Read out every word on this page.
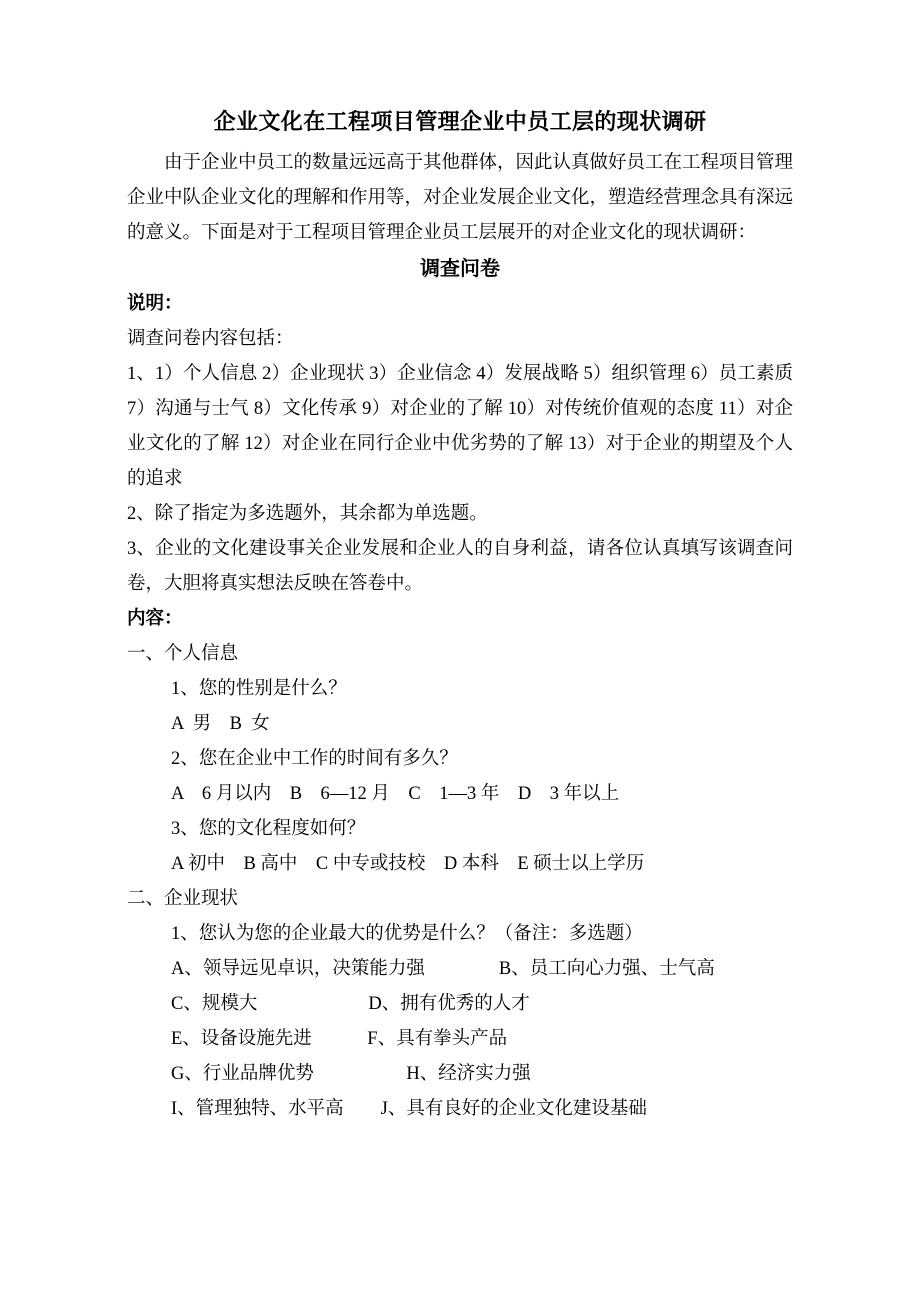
企业文化在工程项目管理企业中员工层的现状调研

由于企业中员工的数量远远高于其他群体，因此认真做好员工在工程项目管理企业中队企业文化的理解和作用等，对企业发展企业文化，塑造经营理念具有深远的意义。下面是对于工程项目管理企业员工层展开的对企业文化的现状调研：

调查问卷

说明：

调查问卷内容包括：

1、1）个人信息 2）企业现状 3）企业信念 4）发展战略 5）组织管理 6）员工素质 7）沟通与士气 8）文化传承 9）对企业的了解 10）对传统价值观的态度 11）对企业文化的了解 12）对企业在同行企业中优劣势的了解 13）对于企业的期望及个人的追求

2、除了指定为多选题外，其余都为单选题。

3、企业的文化建设事关企业发展和企业人的自身利益，请各位认真填写该调查问卷，大胆将真实想法反映在答卷中。

内容：

一、个人信息

1、您的性别是什么？

A  男    B  女

2、您在企业中工作的时间有多久？

A　6 月以内　B　6—12 月　C　1—3 年　D　3 年以上

3、您的文化程度如何？

A 初中　B 高中　C 中专或技校　D 本科　E 硕士以上学历

二、企业现状

1、您认为您的企业最大的优势是什么？（备注：多选题）

A、领导远见卓识，决策能力强　　　　B、员工向心力强、士气高

C、规模大　　　　　　D、拥有优秀的人才

E、设备设施先进　　　F、具有拳头产品

G、行业品牌优势　　　　　H、经济实力强

I、管理独特、水平高　　J、具有良好的企业文化建设基础
